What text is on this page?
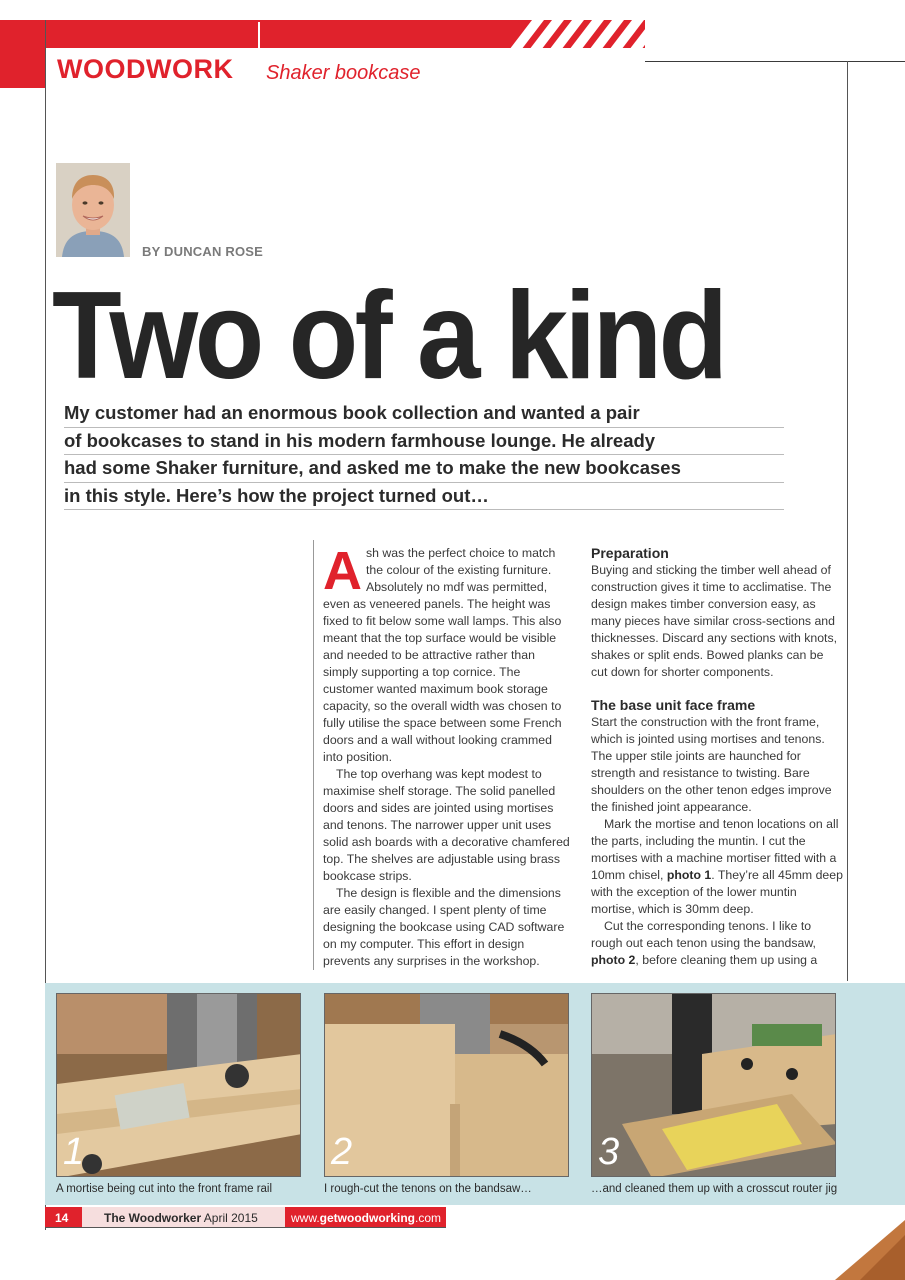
WOODWORK Shaker bookcase
BY DUNCAN ROSE
Two of a kind
My customer had an enormous book collection and wanted a pair
of bookcases to stand in his modern farmhouse lounge. He already
had some Shaker furniture, and asked me to make the new bookcases
in this style. Here’s how the project turned out…

Ash was the perfect choice to match the colour of the existing furniture. Absolutely no mdf was permitted, even as veneered panels. The height was fixed to fit below some wall lamps. This also meant that the top surface would be visible and needed to be attractive rather than simply supporting a top cornice. The customer wanted maximum book storage capacity, so the overall width was chosen to fully utilise the space between some French doors and a wall without looking crammed into position.

The top overhang was kept modest to maximise shelf storage. The solid panelled doors and sides are jointed using mortises and tenons. The narrower upper unit uses solid ash boards with a decorative chamfered top. The shelves are adjustable using brass bookcase strips.

The design is flexible and the dimensions are easily changed. I spent plenty of time designing the bookcase using CAD software on my computer. This effort in design prevents any surprises in the workshop.

Preparation

Buying and sticking the timber well ahead of construction gives it time to acclimatise. The design makes timber conversion easy, as many pieces have similar cross-sections and thicknesses. Discard any sections with knots, shakes or split ends. Bowed planks can be cut down for shorter components.

The base unit face frame

Start the construction with the front frame, which is jointed using mortises and tenons. The upper stile joints are haunched for strength and resistance to twisting. Bare shoulders on the other tenon edges improve the finished joint appearance.

Mark the mortise and tenon locations on all the parts, including the muntin. I cut the mortises with a machine mortiser fitted with a 10mm chisel, photo 1. They’re all 45mm deep with the exception of the lower muntin mortise, which is 30mm deep.

Cut the corresponding tenons. I like to rough out each tenon using the bandsaw, photo 2, before cleaning them up using a

1	2	3
A mortise being cut into the front frame rail	I rough-cut the tenons on the bandsaw…	…and cleaned them up with a crosscut router jig
14	The Woodworker April 2015	www.getwoodworking.com
